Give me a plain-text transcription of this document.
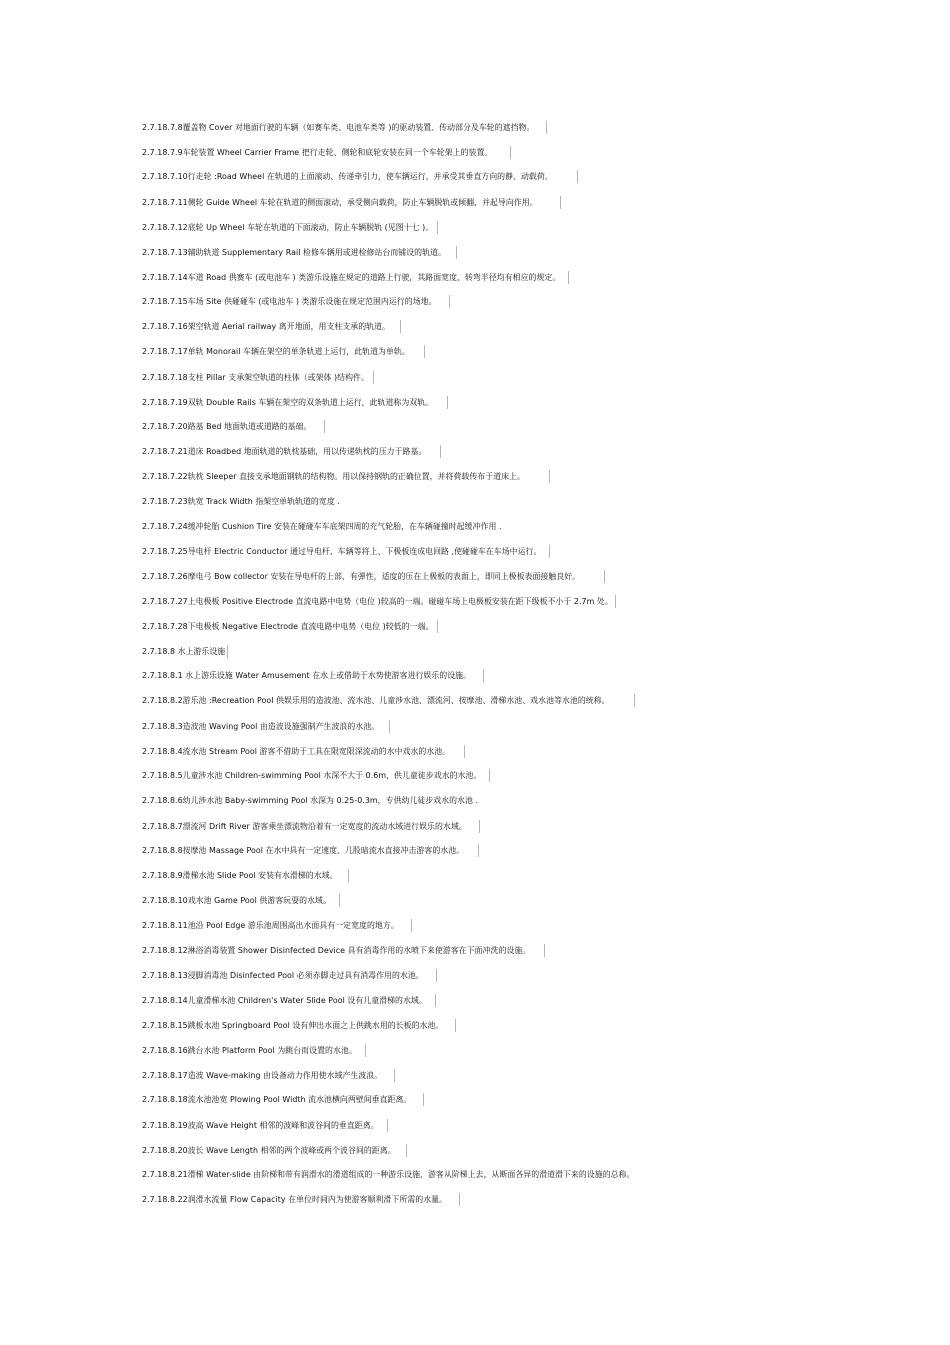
2.7.18.7.8覆盖物 Cover 对地面行驶的车辆（如赛车类、电池车类等 )的驱动装置、传动部分及车轮的遮挡物。
2.7.18.7.9车轮装置 Wheel Carrier Frame 把行走轮、侧轮和底轮安装在同一个车轮架上的装置。
2.7.18.7.10行走轮 :Road Wheel 在轨道的上面滚动、传递牵引力，使车辆运行，并承受其垂直方向的静、动载荷。
2.7.18.7.11侧轮 Guide Wheel 车轮在轨道的侧面滚动，承受侧向载荷，防止车辆脱轨或倾翻，并起导向作用。
2.7.18.7.12底轮 Up Wheel 车轮在轨道的下面滚动，防止车辆脱轨 (见图十七 )。
2.7.18.7.13辅助轨道 Supplementary Rail 检修车辆用或进检修站台而铺设的轨道。
2.7.18.7.14车道 Road 供赛车 (或电池车 ) 类游乐设施在规定的道路上行驶，其路面宽度、转弯半径均有相应的规定。
2.7.18.7.15车场 Site 供碰碰车 (或电池车 ) 类游乐设施在规定范围内运行的场地。
2.7.18.7.16架空轨道 Aerial railway 离开地面，用支柱支承的轨道。
2.7.18.7.17单轨 Monorail 车辆在架空的单条轨道上运行，此轨道为单轨。
2.7.18.7.18支柱 Pillar 支承架空轨道的柱体（或架体 )结构件。
2.7.18.7.19双轨 Double Rails 车辆在架空的双条轨道上运行，此轨道称为双轨。
2.7.18.7.20路基 Bed 地面轨道或道路的基础。
2.7.18.7.21道床 Roadbed 地面轨道的轨枕基础，用以传递轨枕的压力于路基。
2.7.18.7.22轨枕 Sleeper 直接支承地面钢轨的结构物。用以保持钢轨的正确位置，并将荷载传布于道床上。
2.7.18.7.23轨宽 Track Width 指架空单轨轨道的宽度 .
2.7.18.7.24缓冲轮胎 Cushion Tire 安装在碰碰车车底架四周的充气轮胎，在车辆碰撞时起缓冲作用 .
2.7.18.7.25导电杆 Electric Conductor 通过导电杆、车辆等将上、下极板连成电回路 ,使碰碰车在车场中运行。
2.7.18.7.26摩电弓 Bow collector 安装在导电杆的上部，有弹性，适度的压在上极板的表面上，即同上极板表面接触良好。
2.7.18.7.27上电极板 Positive Electrode 直流电路中电势（电位 )较高的一端。碰碰车场上电极板安装在距下级板不小于 2.7m 处。
2.7.18.7.28下电极板 Negative Electrode 直流电路中电势（电位 )较低的一端。
2.7.18.8 水上游乐设施
2.7.18.8.1 水上游乐设施 Water Amusement 在水上或借助于水势使游客进行娱乐的设施。
2.7.18.8.2游乐池 :Recreation Pool 供娱乐用的造波池、流水池、儿童涉水池、漂流河、按摩池、滑梯水池、戏水池等水池的统称。
2.7.18.8.3造波池 Waving Pool 由造波设施强制产生波浪的水池。
2.7.18.8.4流水池 Stream Pool 游客不借助于工具在限宽限深流动的水中戏水的水池。
2.7.18.8.5儿童涉水池 Children-swimming Pool 水深不大于 0.6m，供儿童徒步戏水的水池。
2.7.18.8.6幼儿涉水池 Baby-swimming Pool 水深为 0.25-0.3m，专供幼儿徒步戏水的水池 .
2.7.18.8.7漂流河 Drift River 游客乘坐漂流物沿着有一定宽度的流动水域进行娱乐的水域。
2.7.18.8.8按摩池 Massage Pool 在水中具有一定速度、几股暗流水直接冲击游客的水池。
2.7.18.8.9滑梯水池 Slide Pool 安装有水滑梯的水域。
2.7.18.8.10戏水池 Game Pool 供游客玩耍的水域。
2.7.18.8.11池沿 Pool Edge 游乐池周围高出水面具有一定宽度的地方。
2.7.18.8.12淋浴消毒装置 Shower Disinfected Device 具有消毒作用的水喷下来使游客在下面冲洗的设施。
2.7.18.8.13浸脚消毒池 Disinfected Pool 必须赤脚走过具有消毒作用的水池。
2.7.18.8.14儿童滑梯水池 Children's Water Slide Pool 设有儿童滑梯的水域。
2.7.18.8.15跳板水池 Springboard Pool 设有伸出水面之上供跳水用的长板的水池。
2.7.18.8.16跳台水池 Platform Pool 为跳台而设置的水池。
2.7.18.8.17造波 Wave-making 由设备动力作用使水域产生波浪。
2.7.18.8.18流水池池宽 Plowing Pool Width 流水池横向两壁间垂直距离。
2.7.18.8.19波高 Wave Height 相邻的波峰和波谷间的垂直距离。
2.7.18.8.20波长 Wave Length 相邻的两个波峰或两个波谷间的距离。
2.7.18.8.21滑梯 Water-slide 由阶梯和带有润滑水的滑道组成的一种游乐设施，游客从阶梯上去，从断面各异的滑道滑下来的设施的总称。
2.7.18.8.22润滑水流量 Flow Capacity 在单位时间内为使游客顺利滑下所需的水量。
